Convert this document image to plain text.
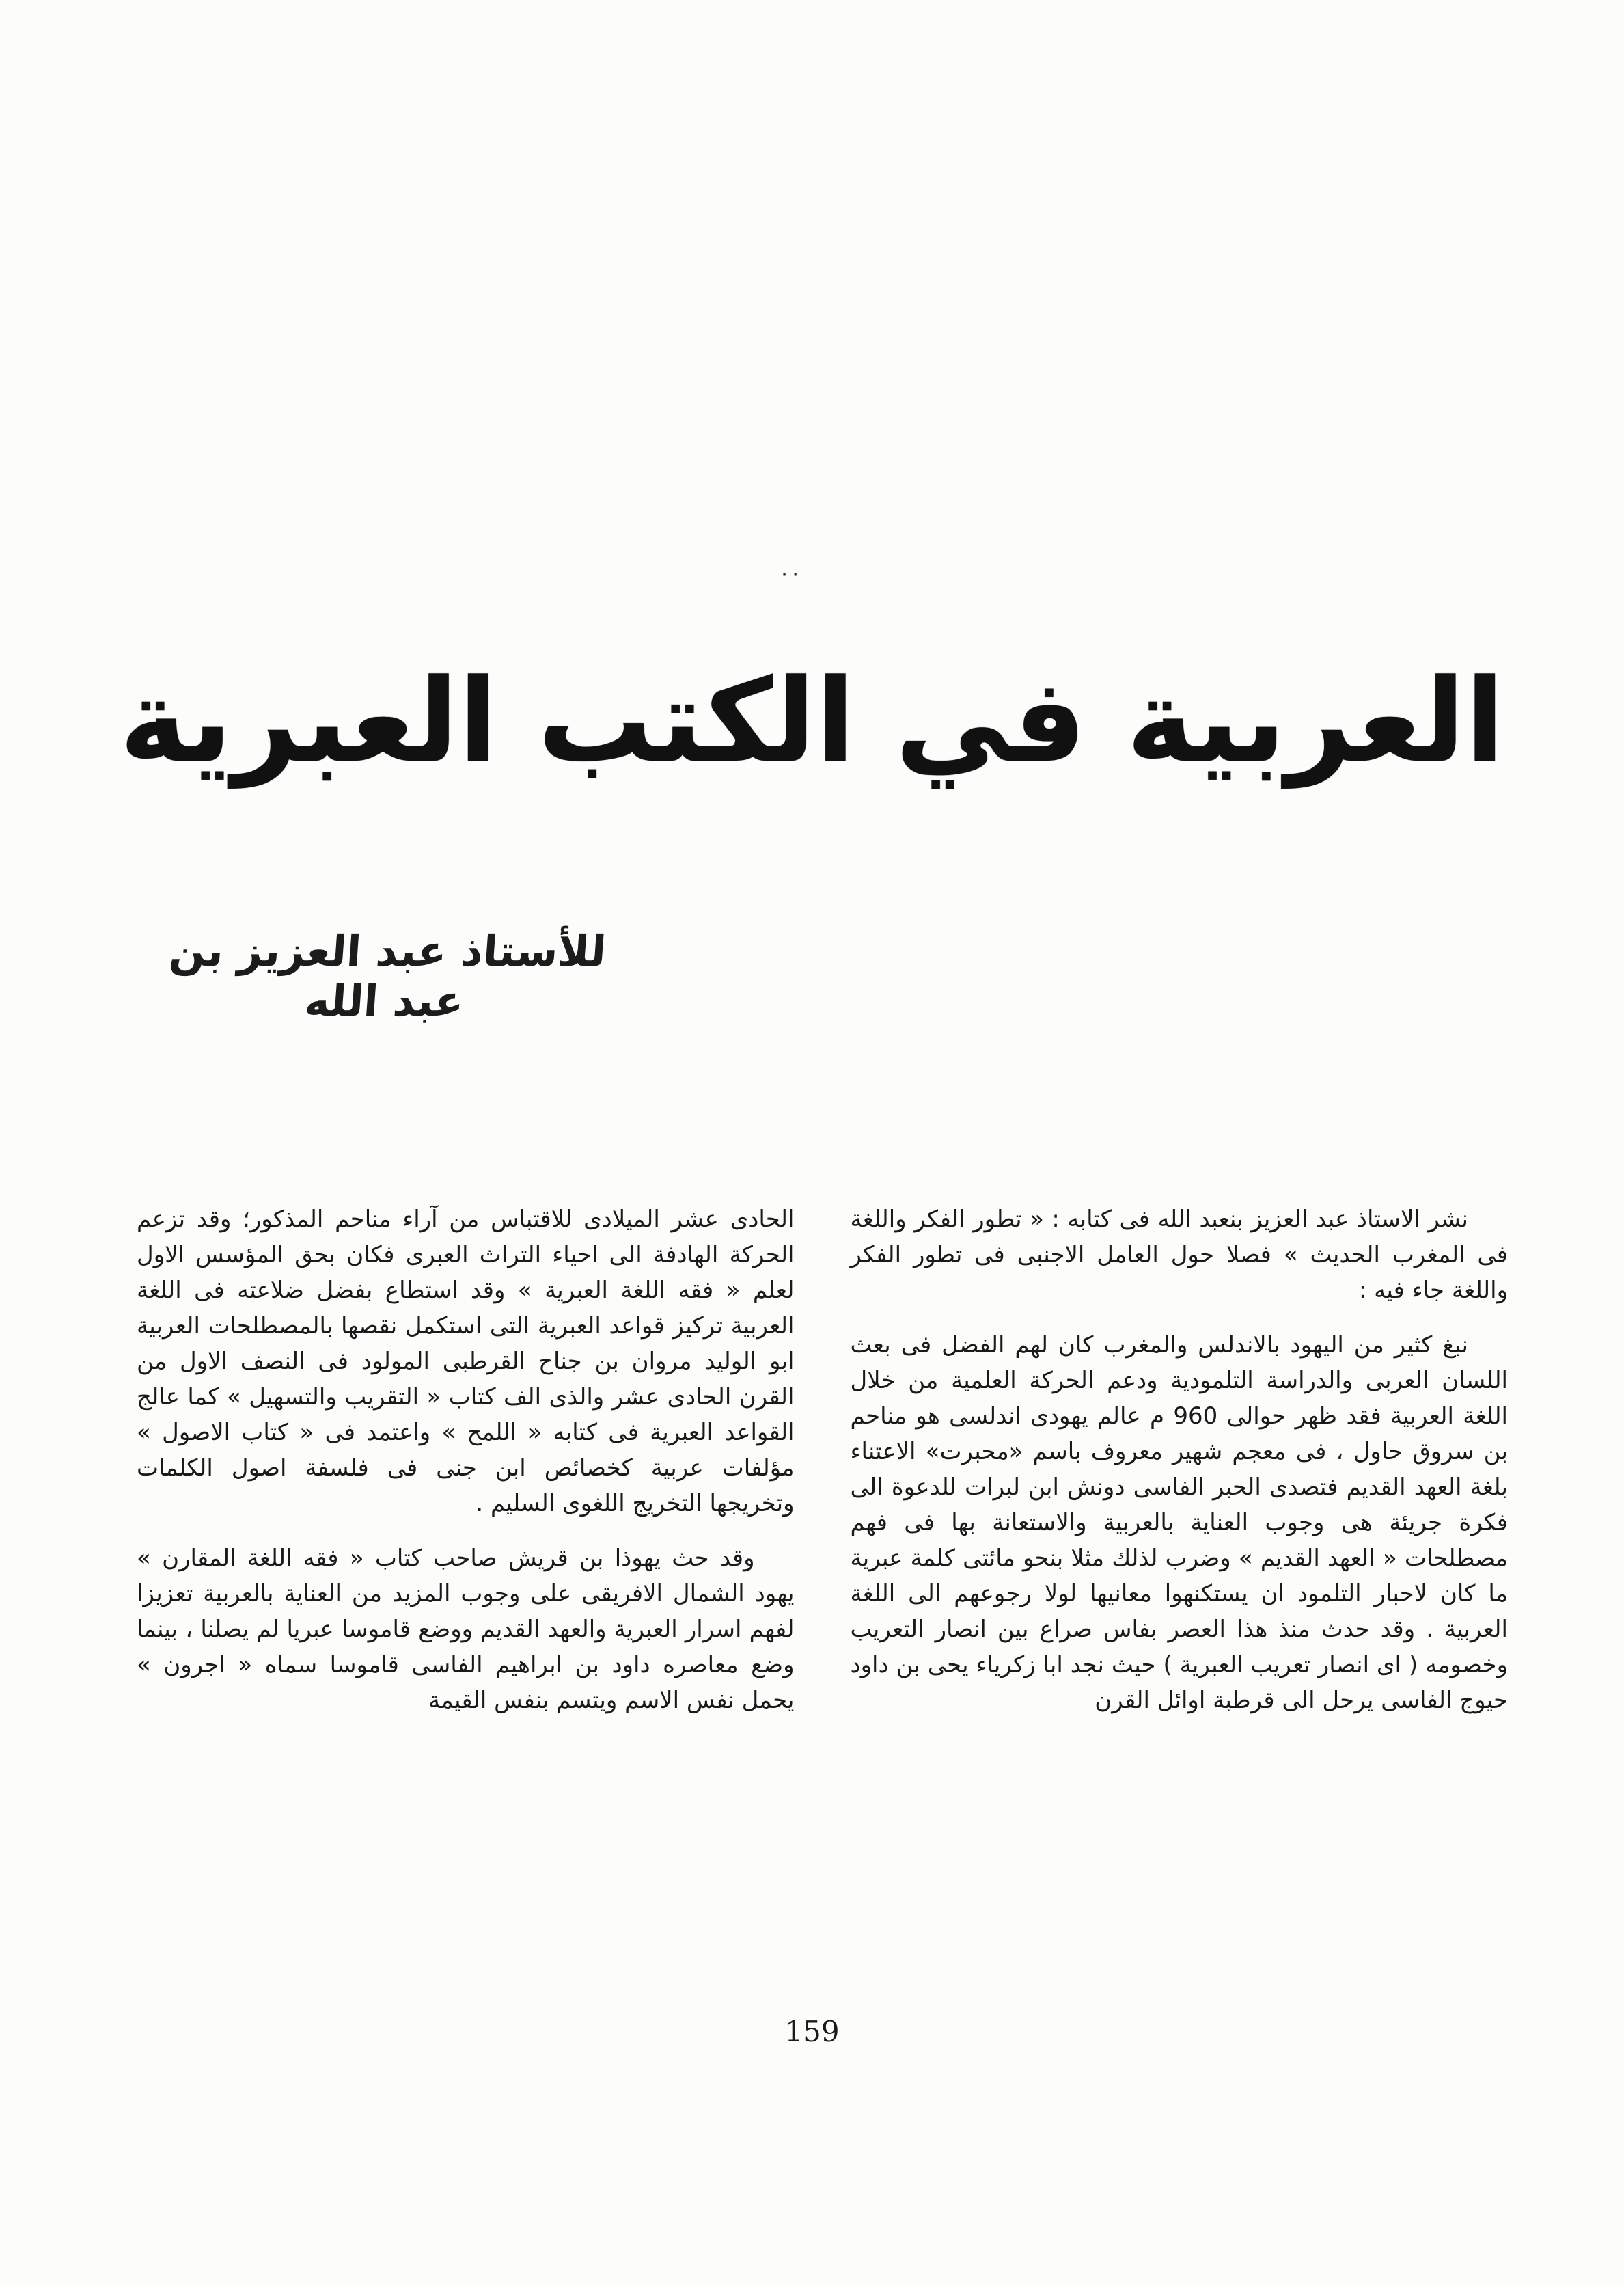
٠٠
العربية في الكتب العبرية
للأستاذ عبد العزيز بن عبد الله

نشر الاستاذ عبد العزيز بنعبد الله فى كتابه : « تطور الفكر واللغة فى المغرب الحديث » فصلا حول العامل الاجنبى فى تطور الفكر واللغة جاء فيه :

نبغ كثير من اليهود بالاندلس والمغرب كان لهم الفضل فى بعث اللسان العربى والدراسة التلمودية ودعم الحركة العلمية من خلال اللغة العربية فقد ظهر حوالى 960 م عالم يهودى اندلسى هو مناحم بن سروق حاول ، فى معجم شهير معروف باسم «محبرت» الاعتناء بلغة العهد القديم فتصدى الحبر الفاسى دونش ابن لبرات للدعوة الى فكرة جريئة هى وجوب العناية بالعربية والاستعانة بها فى فهم مصطلحات « العهد القديم » وضرب لذلك مثلا بنحو مائتى كلمة عبرية ما كان لاحبار التلمود ان يستكنهوا معانيها لولا رجوعهم الى اللغة العربية . وقد حدث منذ هذا العصر بفاس صراع بين انصار التعريب وخصومه ( اى انصار تعريب العبرية ) حيث نجد ابا زكرياء يحى بن داود حيوج الفاسى يرحل الى قرطبة اوائل القرن

الحادى عشر الميلادى للاقتباس من آراء مناحم المذكور؛ وقد تزعم الحركة الهادفة الى احياء التراث العبرى فكان بحق المؤسس الاول لعلم « فقه اللغة العبرية » وقد استطاع بفضل ضلاعته فى اللغة العربية تركيز قواعد العبرية التى استكمل نقصها بالمصطلحات العربية ابو الوليد مروان بن جناح القرطبى المولود فى النصف الاول من القرن الحادى عشر والذى الف كتاب « التقريب والتسهيل » كما عالج القواعد العبرية فى كتابه « اللمح » واعتمد فى « كتاب الاصول » مؤلفات عربية كخصائص ابن جنى فى فلسفة اصول الكلمات وتخريجها التخريج اللغوى السليم .

وقد حث يهوذا بن قريش صاحب كتاب « فقه اللغة المقارن » يهود الشمال الافريقى على وجوب المزيد من العناية بالعربية تعزيزا لفهم اسرار العبرية والعهد القديم ووضع قاموسا عبريا لم يصلنا ، بينما وضع معاصره داود بن ابراهيم الفاسى قاموسا سماه « اجرون » يحمل نفس الاسم ويتسم بنفس القيمة

159
